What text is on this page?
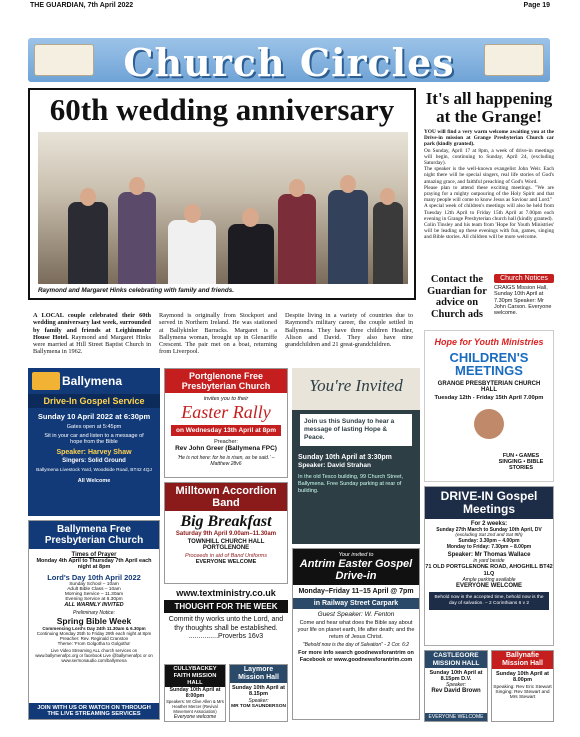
THE GUARDIAN, 7th April 2022	Page 19
Church Circles
60th wedding anniversary
Raymond and Margaret Hinks celebrating with family and friends.
A LOCAL couple celebrated their 60th wedding anniversary last week, surrounded by family and friends at Leighinmohr House Hotel. Raymond and Margaret Hinks were married at Hill Street Baptist Church in Ballymena in 1962.
Raymond is originally from Stockport and served in Northern Ireland. He was stationed at Ballykinler Barracks. Margaret is a Ballymena woman, brought up in Glenariffe Crescent. The pair met on a boat, returning from Liverpool.
Despite living in a variety of countries due to Raymond's military career, the couple settled in Ballymena. They have three children Heather, Alison and David. They also have nine grandchildren and 21 great-grandchildren.
It's all happening at the Grange!

YOU will find a very warm welcome awaiting you at the Drive-in mission at Grange Presbyterian Church car park (kindly granted).

On Sunday, April 17 at 8pm, a week of drive-in meetings will begin, continuing to Sunday, April 24, (excluding Saturday).

The speaker is the well-known evangelist John Weir. Each night there will be special singers, real life stories of God's amazing grace, and faithful preaching of God's Word.

Please plan to attend these exciting meetings. "We are praying for a mighty outpouring of the Holy Spirit and that many people will come to know Jesus as Saviour and Lord."

A special week of children's meetings will also be held from Tuesday 12th April to Friday 15th April at 7.00pm each evening in Grange Presbyterian church hall (kindly granted).

Colin Tinsley and his team from 'Hope for Youth Ministries' will be leading up these evenings with fun, games, singing and Bible stories. All children will be more welcome.

Contact the Guardian for advice on Church ads
Church Notices
CRAIGS Mission Hall, Sunday 10th April at 7.30pm Speaker: Mr John Carson. Everyone welcome.
Hope for Youth Ministries
CHILDREN'S MEETINGS
GRANGE PRESBYTERIAN CHURCH HALL
Tuesday 12th - Friday 15th April 7.00pm
FUN • GAMES SINGING • BIBLE STORIES
DRIVE-IN Gospel Meetings
For 2 weeks:
Sunday 27th March to Sunday 10th April, DV
(excluding Sat 2nd and Sat 9th)
Sunday: 3.30pm – 4.00pm
Monday to Friday: 7.30pm – 8.00pm
Speaker: Mr Thomas Wallace
in yard beside
71 OLD PORTGLENONE ROAD, AHOGHILL BT42 1LQ
Ample parking available
EVERYONE WELCOME
Behold now is the accepted time, behold now is the day of salvation. – 2 Corinthians 6 v 2
Ballymena
Drive-In Gospel Service
Sunday 10 April 2022 at 6:30pm
Gates open at 5:45pm
Sit in your car and listen to a message of hope from the Bible
Speaker: Harvey Shaw
Singers: Solid Ground
Ballymena Livestock Yard, Woodside Road, BT42 4QJ
All Welcome
Ballymena Free Presbyterian Church
Times of Prayer
Monday 4th April to Thursday 7th April each night at 8pm
Lord's Day 10th April 2022
Sunday School – 10am
Adult Bible Class – 10am
Morning Service – 11.30am
Evening Service at 6.30pm
ALL WARMLY INVITED
Preliminary Notice:
Spring Bible Week
Commencing Lord's Day 24th 11.30am & 6.30pm
Continuing Monday 25th to Friday 29th each night at 8pm
Preacher: Rev. Reginald Cranston
Theme: 'From Golgotha to Golgotha'
Live Video Streaming ALL church services on www.ballymenafpc.org or facebook Live @ballymenafpc or on www.sermonaudio.com/ballymena
JOIN WITH US OR WATCH ON THROUGH THE LIVE STREAMING SERVICES
Portglenone Free Presbyterian Church
invites you to their
Easter Rally
on Wednesday 13th April at 8pm
Preacher:
Rev John Greer (Ballymena FPC)
'He is not here: for he is risen, as he said.' – Matthew 28v6
Milltown Accordion Band
Big Breakfast
Saturday 9th April 9.00am–11.30am
TOWNHILL CHURCH HALL PORTGLENONE
Proceeds in aid of Band Uniforms
EVERYONE WELCOME
www.textministry.co.uk
THOUGHT FOR THE WEEK
Commit thy works unto the Lord, and thy thoughts shall be established. ...............Proverbs 16v3
You're Invited
Join us this Sunday to hear a message of lasting Hope & Peace.
Sunday 10th April at 3:30pm
Speaker: David Strahan
In the old Tesco building, 99 Church Street, Ballymena. Free Sunday parking at rear of building.
Your invited to
Antrim Easter Gospel Drive-in
Monday–Friday 11–15 April @ 7pm
in Railway Street Carpark
Guest Speaker: W. Fenton
Come and hear what does the Bible say about your life on planet earth, life after death; and the return of Jesus Christ.
"Behold now is the day of Salvation" - 2 Cor. 6:2
For more info search goodnewsforantrim on Facebook or www.goodnewsforantrim.com
CULLYBACKEY FAITH MISSION HALL
Sunday 10th April at 8:00pm
Speakers: Mr Clive Allen & Mrs Heather Mercer (Revival Movement Association)
Everyone welcome
Laymore Mission Hall
Sunday 10th April at 8.15pm
Speaker:
MR TOM SAUNDERSON
CASTLEGORE MISSION HALL
Sunday 10th April at 8.15pm D.V.
Speaker:
Rev David Brown
EVERYONE WELCOME
Ballynafie Mission Hall
Sunday 10th April at 8.00pm
Speaking: Rev Eric Stewart
Singing: Rev Stewart and Mrs Stewart
